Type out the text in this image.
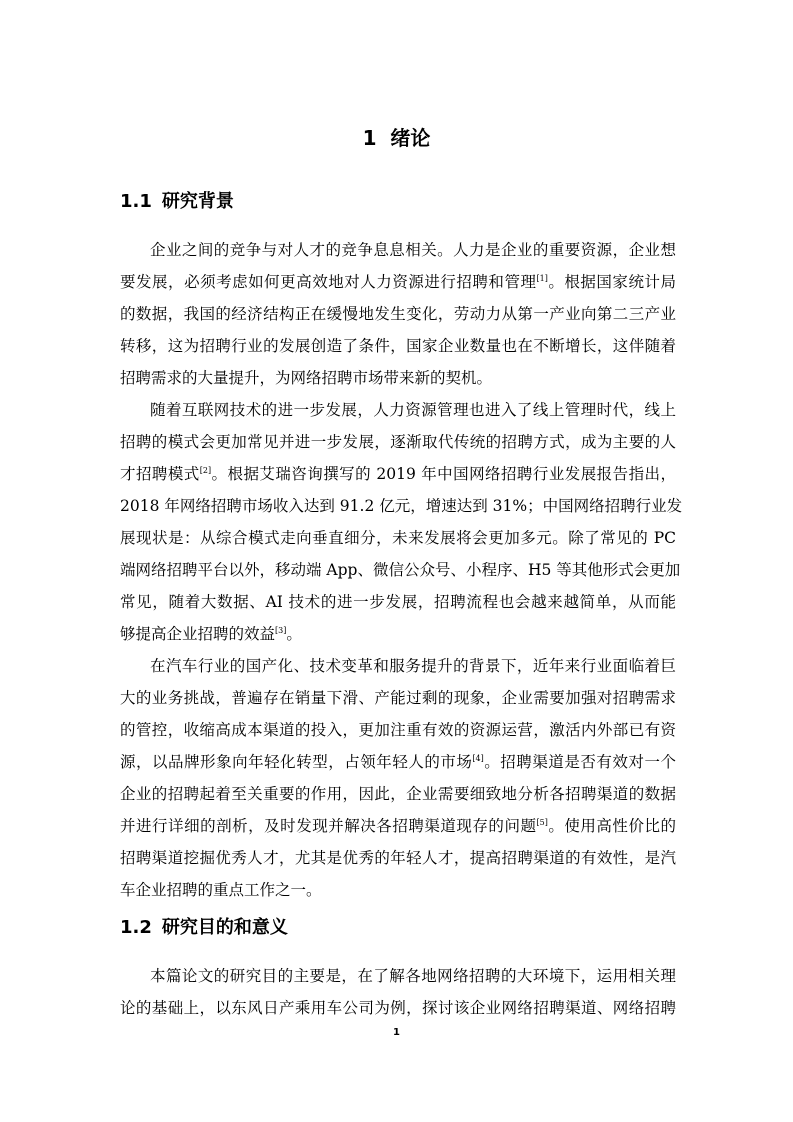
1 绪论
1.1 研究背景
企业之间的竞争与对人才的竞争息息相关。人力是企业的重要资源，企业想
要发展，必须考虑如何更高效地对人力资源进行招聘和管理[1]。根据国家统计局
的数据，我国的经济结构正在缓慢地发生变化，劳动力从第一产业向第二三产业
转移，这为招聘行业的发展创造了条件，国家企业数量也在不断增长，这伴随着
招聘需求的大量提升，为网络招聘市场带来新的契机。
随着互联网技术的进一步发展，人力资源管理也进入了线上管理时代，线上
招聘的模式会更加常见并进一步发展，逐渐取代传统的招聘方式，成为主要的人
才招聘模式[2]。根据艾瑞咨询撰写的 2019 年中国网络招聘行业发展报告指出，
2018 年网络招聘市场收入达到 91.2 亿元，增速达到 31%；中国网络招聘行业发
展现状是：从综合模式走向垂直细分，未来发展将会更加多元。除了常见的 PC
端网络招聘平台以外，移动端 App、微信公众号、小程序、H5 等其他形式会更加
常见，随着大数据、AI 技术的进一步发展，招聘流程也会越来越简单，从而能
够提高企业招聘的效益[3]。
在汽车行业的国产化、技术变革和服务提升的背景下，近年来行业面临着巨
大的业务挑战，普遍存在销量下滑、产能过剩的现象，企业需要加强对招聘需求
的管控，收缩高成本渠道的投入，更加注重有效的资源运营，激活内外部已有资
源，以品牌形象向年轻化转型，占领年轻人的市场[4]。招聘渠道是否有效对一个
企业的招聘起着至关重要的作用，因此，企业需要细致地分析各招聘渠道的数据
并进行详细的剖析，及时发现并解决各招聘渠道现存的问题[5]。使用高性价比的
招聘渠道挖掘优秀人才，尤其是优秀的年轻人才，提高招聘渠道的有效性，是汽
车企业招聘的重点工作之一。
1.2 研究目的和意义
本篇论文的研究目的主要是，在了解各地网络招聘的大环境下，运用相关理
论的基础上，以东风日产乘用车公司为例，探讨该企业网络招聘渠道、网络招聘
1
